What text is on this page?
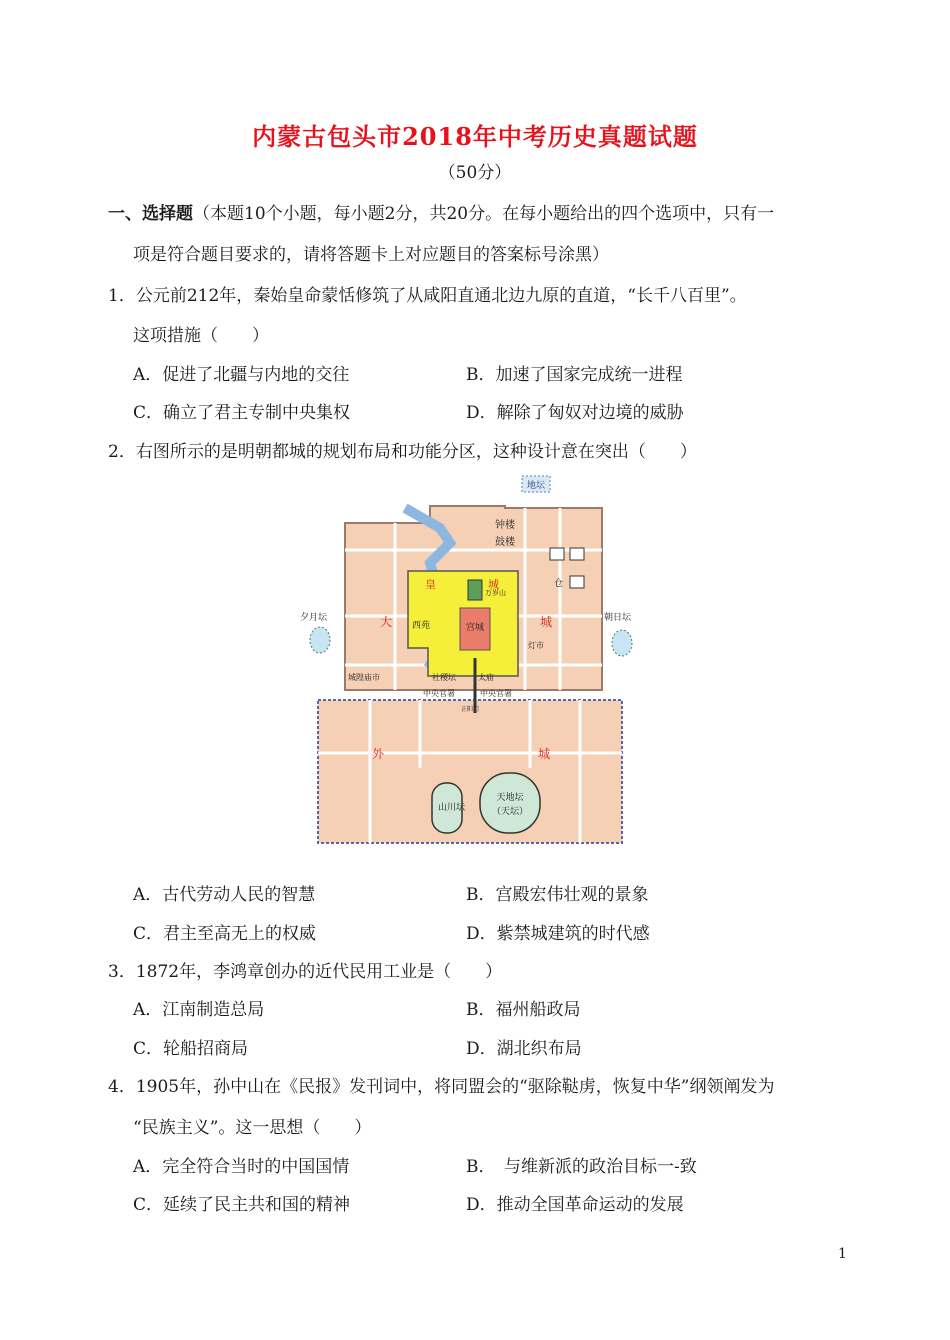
内蒙古包头市2018年中考历史真题试题
（50分）
一、选择题（本题10个小题，每小题2分，共20分。在每小题给出的四个选项中，只有一
项是符合题目要求的，请将答题卡上对应题目的答案标号涂黑）
1．公元前212年，秦始皇命蒙恬修筑了从咸阳直通北边九原的直道，“长千八百里”。
这项措施（　　）
A．促进了北疆与内地的交往	B．加速了国家完成统一进程
C．确立了君主专制中央集权	D．解除了匈奴对边境的威胁
2．右图所示的是明朝都城的规划布局和功能分区，这种设计意在突出（　　）
地坛
钟楼
鼓楼
仓
皇	城
西苑
万岁山
宫城
大	城
夕月坛	朝日坛
灯市
城隍庙市	社稷坛	太庙
中央官署	中央官署
正阳门
外	城
山川坛
天地坛
（天坛）
A．古代劳动人民的智慧	B．宫殿宏伟壮观的景象
C．君主至高无上的权威	D．紫禁城建筑的时代感
3．1872年，李鸿章创办的近代民用工业是（　　）
A．江南制造总局	B．福州船政局
C．轮船招商局	D．湖北织布局
4．1905年，孙中山在《民报》发刊词中，将同盟会的“驱除鞑虏，恢复中华”纲领阐发为
“民族主义”。这一思想（　　）
A．完全符合当时的中国国情	B．　与维新派的政治目标一-致
C．延续了民主共和国的精神	D．推动全国革命运动的发展
1
